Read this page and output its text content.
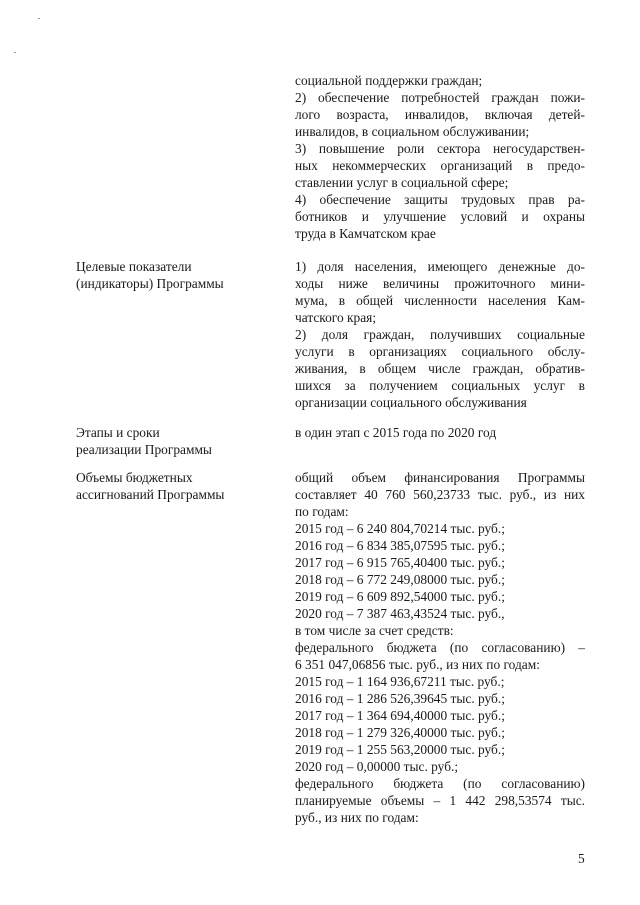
социальной поддержки граждан;
2) обеспечение потребностей граждан пожи-
лого возраста, инвалидов, включая детей-
инвалидов, в социальном обслуживании;
3) повышение роли сектора негосударствен-
ных некоммерческих организаций в предо-
ставлении услуг в социальной сфере;
4) обеспечение защиты трудовых прав ра-
ботников и улучшение условий и охраны
труда в Камчатском крае
Целевые показатели
(индикаторы) Программы
1) доля населения, имеющего денежные до-
ходы ниже величины прожиточного мини-
мума, в общей численности населения Кам-
чатского края;
2) доля граждан, получивших социальные
услуги в организациях социального обслу-
живания, в общем числе граждан, обратив-
шихся за получением социальных услуг в
организации социального обслуживания
Этапы и сроки
реализации Программы
в один этап с 2015 года по 2020 год
Объемы бюджетных
ассигнований Программы
общий объем финансирования Программы
составляет 40 760 560,23733 тыс. руб., из них
по годам:
2015 год – 6 240 804,70214 тыс. руб.;
2016 год – 6 834 385,07595 тыс. руб.;
2017 год – 6 915 765,40400 тыс. руб.;
2018 год – 6 772 249,08000 тыс. руб.;
2019 год – 6 609 892,54000 тыс. руб.;
2020 год – 7 387 463,43524 тыс. руб.,
в том числе за счет средств:
федерального бюджета (по согласованию) –
6 351 047,06856 тыс. руб., из них по годам:
2015 год – 1 164 936,67211 тыс. руб.;
2016 год – 1 286 526,39645 тыс. руб.;
2017 год – 1 364 694,40000 тыс. руб.;
2018 год – 1 279 326,40000 тыс. руб.;
2019 год – 1 255 563,20000 тыс. руб.;
2020 год – 0,00000 тыс. руб.;
федерального бюджета (по согласованию)
планируемые объемы – 1 442 298,53574 тыс.
руб., из них по годам:
5
